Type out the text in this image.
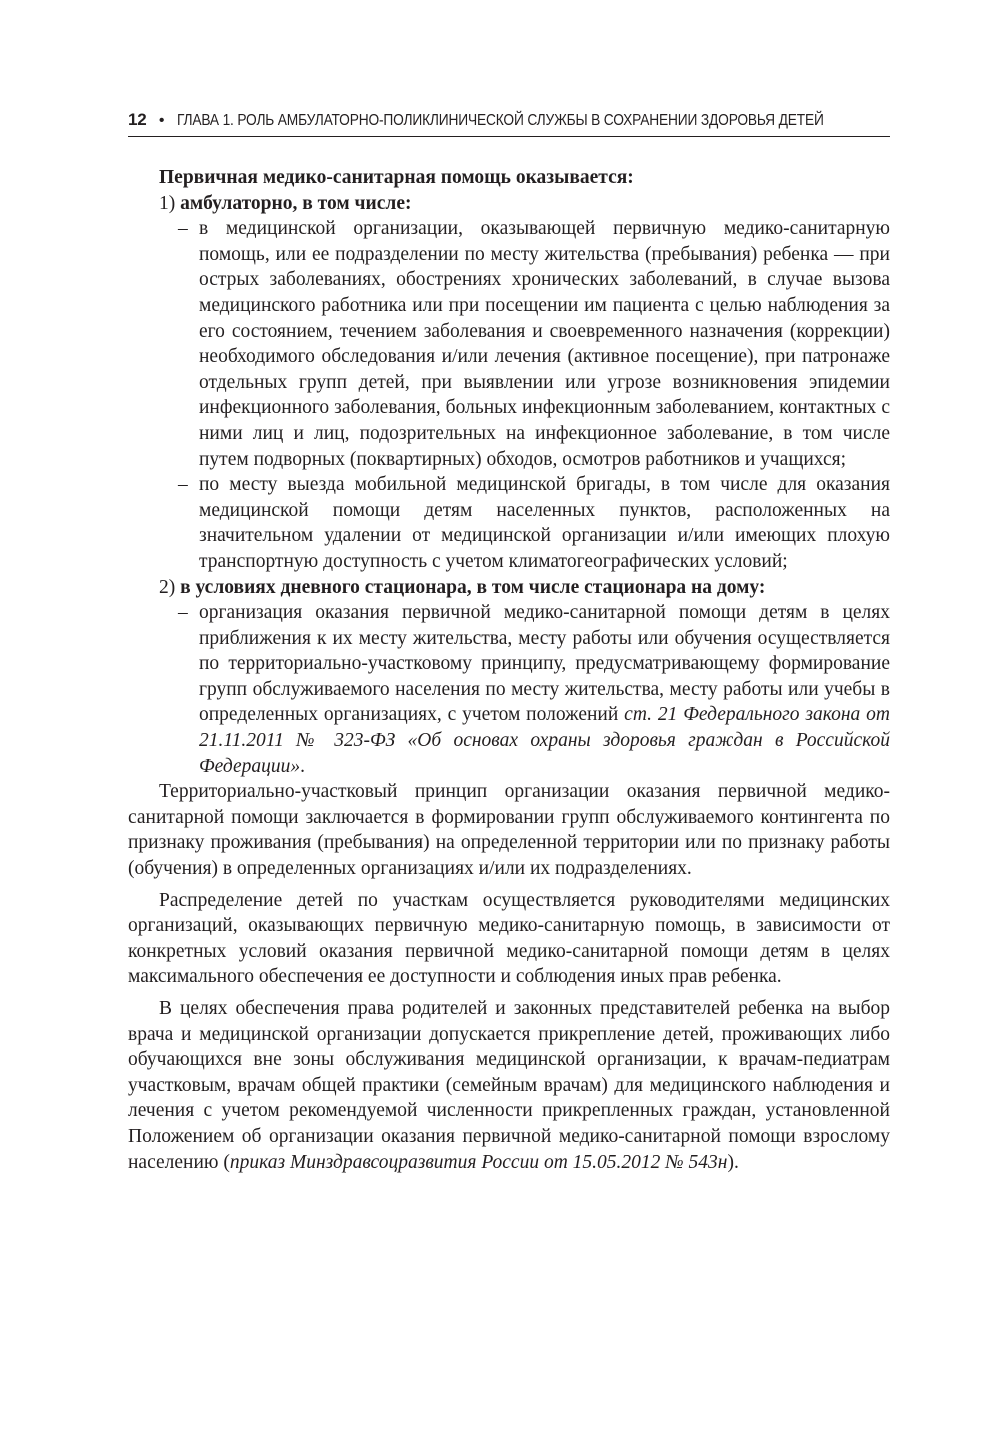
12 • ГЛАВА 1. РОЛЬ АМБУЛАТОРНО-ПОЛИКЛИНИЧЕСКОЙ СЛУЖБЫ В СОХРАНЕНИИ ЗДОРОВЬЯ ДЕТЕЙ

Первичная медико-санитарная помощь оказывается:

1) амбулаторно, в том числе:

– в медицинской организации, оказывающей первичную медико-санитарную помощь, или ее подразделении по месту жительства (пребывания) ребенка — при острых заболеваниях, обострениях хронических заболеваний, в случае вызова медицинского работника или при посещении им пациента с целью наблюдения за его состоянием, течением заболевания и своевременного назначения (коррекции) необходимого обследования и/или лечения (активное посещение), при патронаже отдельных групп детей, при выявлении или угрозе возникновения эпидемии инфекционного заболевания, больных инфекционным заболеванием, контактных с ними лиц и лиц, подозрительных на инфекционное заболевание, в том числе путем подворных (поквартирных) обходов, осмотров работников и учащихся;

– по месту выезда мобильной медицинской бригады, в том числе для оказания медицинской помощи детям населенных пунктов, расположенных на значительном удалении от медицинской организации и/или имеющих плохую транспортную доступность с учетом климатогеографических условий;

2) в условиях дневного стационара, в том числе стационара на дому:

– организация оказания первичной медико-санитарной помощи детям в целях приближения к их месту жительства, месту работы или обучения осуществляется по территориально-участковому принципу, предусматривающему формирование групп обслуживаемого населения по месту жительства, месту работы или учебы в определенных организациях, с учетом положений ст. 21 Федерального закона от 21.11.2011 № 323-ФЗ «Об основах охраны здоровья граждан в Российской Федерации».

Территориально-участковый принцип организации оказания первичной медико-санитарной помощи заключается в формировании групп обслуживаемого контингента по признаку проживания (пребывания) на определенной территории или по признаку работы (обучения) в определенных организациях и/или их подразделениях.

Распределение детей по участкам осуществляется руководителями медицинских организаций, оказывающих первичную медико-санитарную помощь, в зависимости от конкретных условий оказания первичной медико-санитарной помощи детям в целях максимального обеспечения ее доступности и соблюдения иных прав ребенка.

В целях обеспечения права родителей и законных представителей ребенка на выбор врача и медицинской организации допускается прикрепление детей, проживающих либо обучающихся вне зоны обслуживания медицинской организации, к врачам-педиатрам участковым, врачам общей практики (семейным врачам) для медицинского наблюдения и лечения с учетом рекомендуемой численности прикрепленных граждан, установленной Положением об организации оказания первичной медико-санитарной помощи взрослому населению (приказ Минздравсоцразвития России от 15.05.2012 № 543н).
